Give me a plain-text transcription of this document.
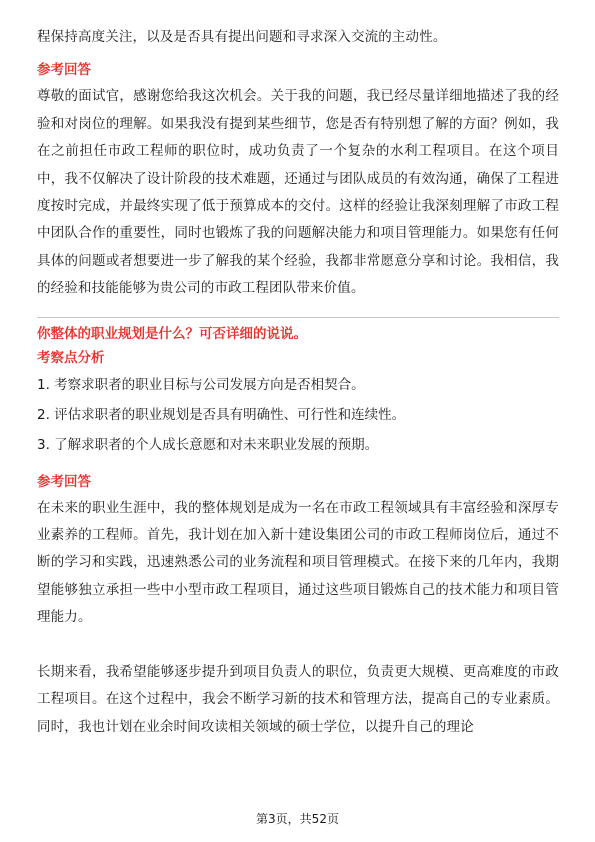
程保持高度关注，以及是否具有提出问题和寻求深入交流的主动性。

参考回答

尊敬的面试官，感谢您给我这次机会。关于我的问题，我已经尽量详细地描述了我的经验和对岗位的理解。如果我没有提到某些细节，您是否有特别想了解的方面？例如，我在之前担任市政工程师的职位时，成功负责了一个复杂的水利工程项目。在这个项目中，我不仅解决了设计阶段的技术难题，还通过与团队成员的有效沟通，确保了工程进度按时完成，并最终实现了低于预算成本的交付。这样的经验让我深刻理解了市政工程中团队合作的重要性，同时也锻炼了我的问题解决能力和项目管理能力。如果您有任何具体的问题或者想要进一步了解我的某个经验，我都非常愿意分享和讨论。我相信，我的经验和技能能够为贵公司的市政工程团队带来价值。

你整体的职业规划是什么？可否详细的说说。

考察点分析

1. 考察求职者的职业目标与公司发展方向是否相契合。

2. 评估求职者的职业规划是否具有明确性、可行性和连续性。

3. 了解求职者的个人成长意愿和对未来职业发展的预期。

参考回答

在未来的职业生涯中，我的整体规划是成为一名在市政工程领域具有丰富经验和深厚专业素养的工程师。首先，我计划在加入新十建设集团公司的市政工程师岗位后，通过不断的学习和实践，迅速熟悉公司的业务流程和项目管理模式。在接下来的几年内，我期望能够独立承担一些中小型市政工程项目，通过这些项目锻炼自己的技术能力和项目管理能力。

长期来看，我希望能够逐步提升到项目负责人的职位，负责更大规模、更高难度的市政工程项目。在这个过程中，我会不断学习新的技术和管理方法，提高自己的专业素质。同时，我也计划在业余时间攻读相关领域的硕士学位，以提升自己的理论

第3页，共52页
